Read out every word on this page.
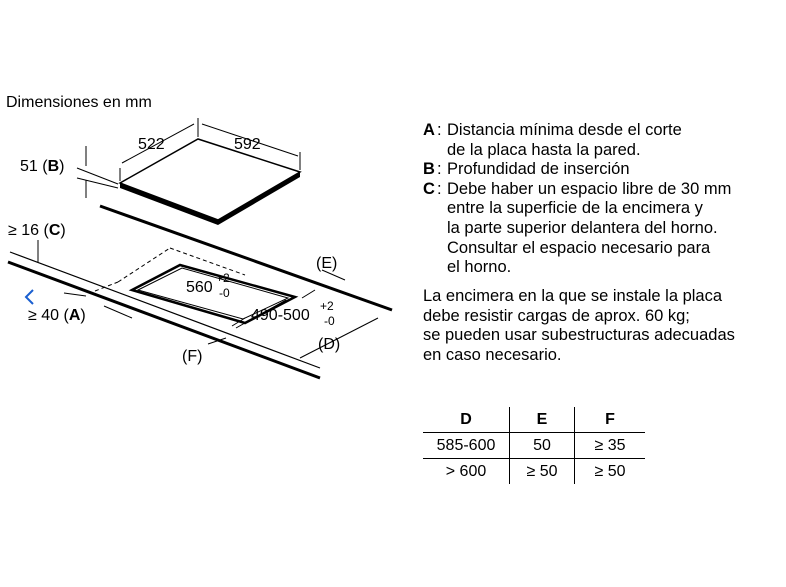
Dimensiones en mm
522	592
51 (B)
≥ 16 (C)
≥ 40 (A)
560
+2
-0
490-500
+2
-0
(E)
(D)
(F)
A : Distancia mínima desde el corte
de la placa hasta la pared.
B : Profundidad de inserción
C : Debe haber un espacio libre de 30 mm
entre la superficie de la encimera y
la parte superior delantera del horno.
Consultar el espacio necesario para
el horno.
La encimera en la que se instale la placa
debe resistir cargas de aprox. 60 kg;
se pueden usar subestructuras adecuadas
en caso necesario.
D	E	F
585-600	50	≥ 35
> 600	≥ 50	≥ 50
